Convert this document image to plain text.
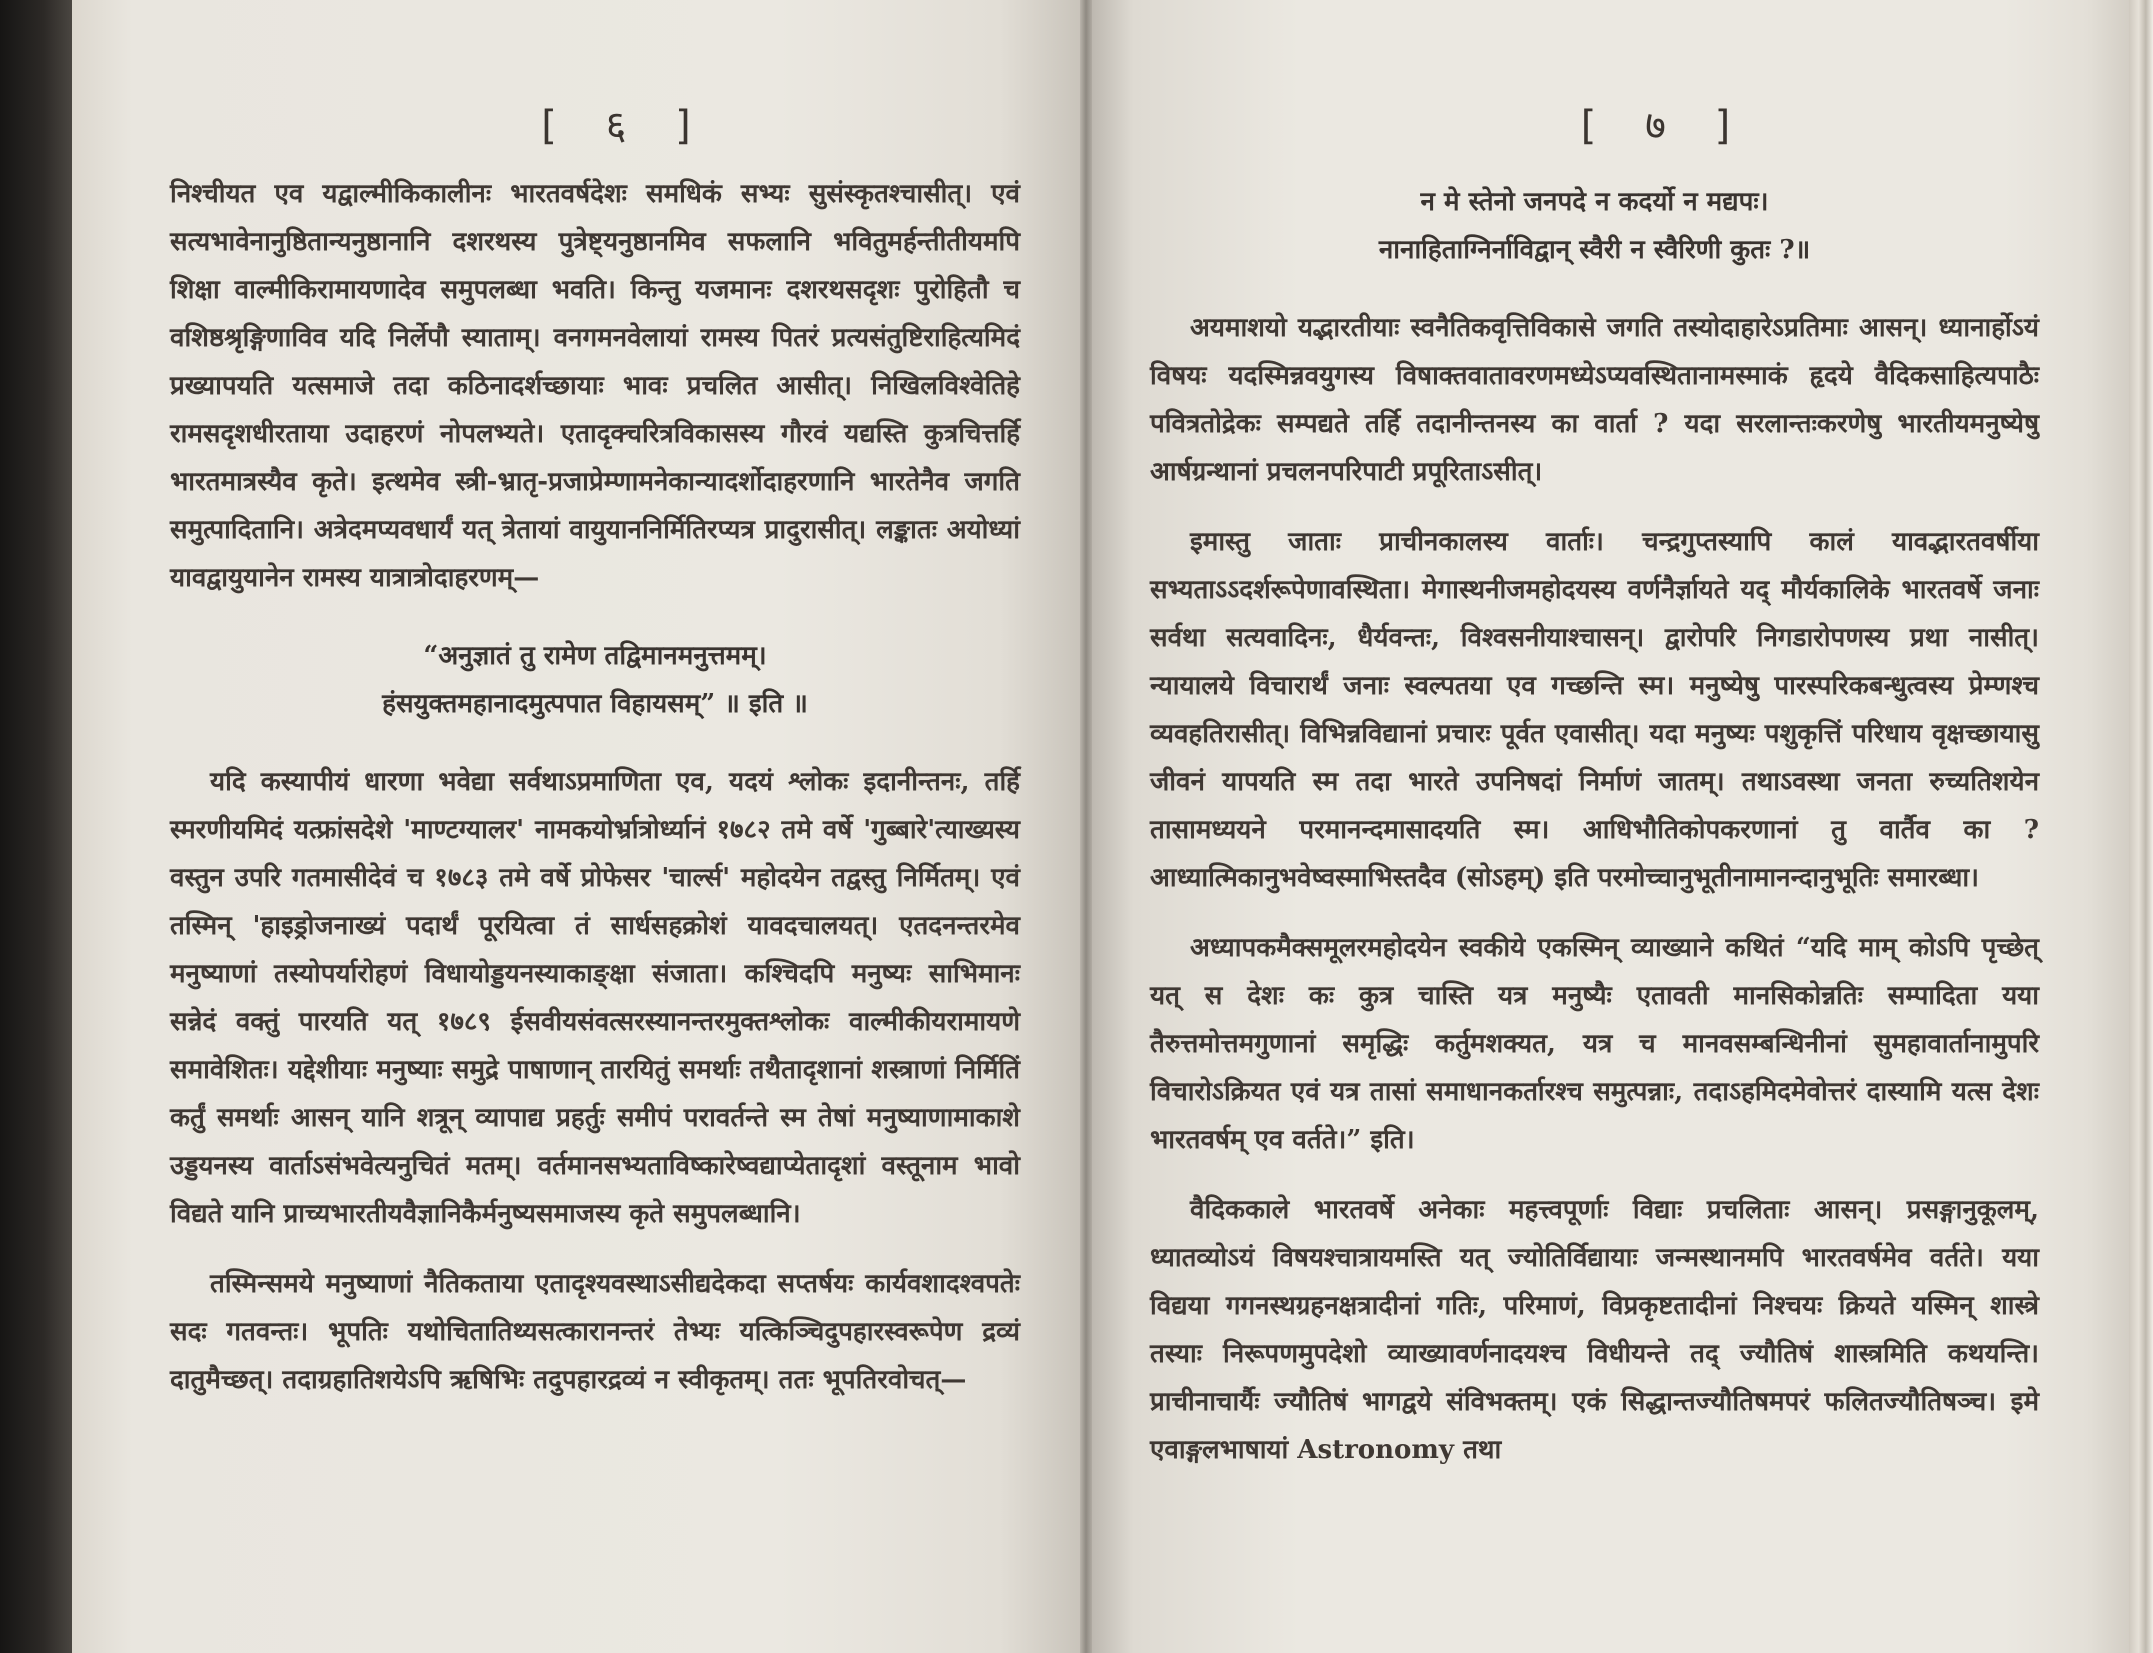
[ ६ ]

निश्चीयत एव यद्वाल्मीकिकालीनः भारतवर्षदेशः समधिकं सभ्यः सुसंस्कृतश्चासीत्। एवं सत्यभावेनानुष्ठितान्यनुष्ठानानि दशरथस्य पुत्रेष्ट्यनुष्ठानमिव सफलानि भवितुमर्हन्तीतीयमपि शिक्षा वाल्मीकिरामायणादेव समुपलब्धा भवति। किन्तु यजमानः दशरथसदृशः पुरोहितौ च वशिष्ठश्रृङ्गिणाविव यदि निर्लेपौ स्याताम्। वनगमनवेलायां रामस्य पितरं प्रत्यसंतुष्टिराहित्यमिदं प्रख्यापयति यत्समाजे तदा कठिनादर्शच्छायाः भावः प्रचलित आसीत्। निखिलविश्वेतिहे रामसदृशधीरताया उदाहरणं नोपलभ्यते। एतादृक्चरित्रविकासस्य गौरवं यद्यस्ति कुत्रचित्तर्हि भारतमात्रस्यैव कृते। इत्थमेव स्त्री-भ्रातृ-प्रजाप्रेम्णामनेकान्यादर्शोदाहरणानि भारतेनैव जगति समुत्पादितानि। अत्रेदमप्यवधार्यं यत् त्रेतायां वायुयाननिर्मितिरप्यत्र प्रादुरासीत्। लङ्कातः अयोध्यां यावद्वायुयानेन रामस्य यात्रात्रोदाहरणम्—

“अनुज्ञातं तु रामेण तद्विमानमनुत्तमम्।

हंसयुक्तमहानादमुत्पपात विहायसम्” ॥ इति ॥

यदि कस्यापीयं धारणा भवेद्या सर्वथाऽप्रमाणिता एव, यदयं श्लोकः इदानीन्तनः, तर्हि स्मरणीयमिदं यत्फ्रांसदेशे 'माण्टग्यालर' नामकयोर्भ्रात्रोर्ध्यानं १७८२ तमे वर्षे 'गुब्बारे'त्याख्यस्य वस्तुन उपरि गतमासीदेवं च १७८३ तमे वर्षे प्रोफेसर 'चार्ल्स' महोदयेन तद्वस्तु निर्मितम्। एवं तस्मिन् 'हाइड्रोजनाख्यं पदार्थं पूरयित्वा तं सार्धसहक्रोशं यावदचालयत्। एतदनन्तरमेव मनुष्याणां तस्योपर्यारोहणं विधायोड्डयनस्याकाङ्क्षा संजाता। कश्चिदपि मनुष्यः साभिमानः सन्नेदं वक्तुं पारयति यत् १७८९ ईसवीयसंवत्सरस्यानन्तरमुक्तश्लोकः वाल्मीकीयरामायणे समावेशितः। यद्देशीयाः मनुष्याः समुद्रे पाषाणान् तारयितुं समर्थाः तथैतादृशानां शस्त्राणां निर्मितिं कर्तुं समर्थाः आसन् यानि शत्रून् व्यापाद्य प्रहर्तुः समीपं परावर्तन्ते स्म तेषां मनुष्याणामाकाशे उड्डयनस्य वार्ताऽसंभवेत्यनुचितं मतम्। वर्तमानसभ्यताविष्कारेष्वद्याप्येतादृशां वस्तूनाम भावो विद्यते यानि प्राच्यभारतीयवैज्ञानिकैर्मनुष्यसमाजस्य कृते समुपलब्धानि।

तस्मिन्समये मनुष्याणां नैतिकताया एतादृश्यवस्थाऽसीद्यदेकदा सप्तर्षयः कार्यवशादश्वपतेः सदः गतवन्तः। भूपतिः यथोचितातिथ्यसत्कारानन्तरं तेभ्यः यत्किञ्चिदुपहारस्वरूपेण द्रव्यं दातुमैच्छत्। तदाग्रहातिशयेऽपि ऋषिभिः तदुपहारद्रव्यं न स्वीकृतम्। ततः भूपतिरवोचत्—

[ ७ ]

न मे स्तेनो जनपदे न कदर्यो न मद्यपः।

नानाहिताग्निर्नाविद्वान् स्वैरी न स्वैरिणी कुतः ?॥

अयमाशयो यद्भारतीयाः स्वनैतिकवृत्तिविकासे जगति तस्योदाहारेऽप्रतिमाः आसन्। ध्यानार्होऽयं विषयः यदस्मिन्नवयुगस्य विषाक्तवातावरणमध्येऽप्यवस्थितानामस्माकं हृदये वैदिकसाहित्यपाठैः पवित्रतोद्रेकः सम्पद्यते तर्हि तदानीन्तनस्य का वार्ता ? यदा सरलान्तःकरणेषु भारतीयमनुष्येषु आर्षग्रन्थानां प्रचलनपरिपाटी प्रपूरिताऽसीत्।

इमास्तु जाताः प्राचीनकालस्य वार्ताः। चन्द्रगुप्तस्यापि कालं यावद्भारतवर्षीया सभ्यताऽऽदर्शरूपेणावस्थिता। मेगास्थनीजमहोदयस्य वर्णनैर्ज्ञायते यद् मौर्यकालिके भारतवर्षे जनाः सर्वथा सत्यवादिनः, धैर्यवन्तः, विश्वसनीयाश्चासन्। द्वारोपरि निगडारोपणस्य प्रथा नासीत्। न्यायालये विचारार्थं जनाः स्वल्पतया एव गच्छन्ति स्म। मनुष्येषु पारस्परिकबन्धुत्वस्य प्रेम्णश्च व्यवहतिरासीत्। विभिन्नविद्यानां प्रचारः पूर्वत एवासीत्। यदा मनुष्यः पशुकृत्तिं परिधाय वृक्षच्छायासु जीवनं यापयति स्म तदा भारते उपनिषदां निर्माणं जातम्। तथाऽवस्था जनता रुच्यतिशयेन तासामध्ययने परमानन्दमासादयति स्म। आधिभौतिकोपकरणानां तु वार्तैव का ? आध्यात्मिकानुभवेष्वस्माभिस्तदैव (सोऽहम्) इति परमोच्चानुभूतीनामानन्दानुभूतिः समारब्धा।

अध्यापकमैक्समूलरमहोदयेन स्वकीये एकस्मिन् व्याख्याने कथितं “यदि माम् कोऽपि पृच्छेत् यत् स देशः कः कुत्र चास्ति यत्र मनुष्यैः एतावती मानसिकोन्नतिः सम्पादिता यया तैरुत्तमोत्तमगुणानां समृद्धिः कर्तुमशक्यत, यत्र च मानवसम्बन्धिनीनां सुमहावार्तानामुपरि विचारोऽक्रियत एवं यत्र तासां समाधानकर्तारश्च समुत्पन्नाः, तदाऽहमिदमेवोत्तरं दास्यामि यत्स देशः भारतवर्षम् एव वर्तते।” इति।

वैदिककाले भारतवर्षे अनेकाः महत्त्वपूर्णाः विद्याः प्रचलिताः आसन्। प्रसङ्गानुकूलम्, ध्यातव्योऽयं विषयश्चात्रायमस्ति यत् ज्योतिर्विद्यायाः जन्मस्थानमपि भारतवर्षमेव वर्तते। यया विद्यया गगनस्थग्रहनक्षत्रादीनां गतिः, परिमाणं, विप्रकृष्टतादीनां निश्चयः क्रियते यस्मिन् शास्त्रे तस्याः निरूपणमुपदेशो व्याख्यावर्णनादयश्च विधीयन्ते तद् ज्यौतिषं शास्त्रमिति कथयन्ति। प्राचीनाचार्यैः ज्यौतिषं भागद्वये संविभक्तम्। एकं सिद्धान्तज्यौतिषमपरं फलितज्यौतिषञ्च। इमे एवाङ्गलभाषायां Astronomy तथा
